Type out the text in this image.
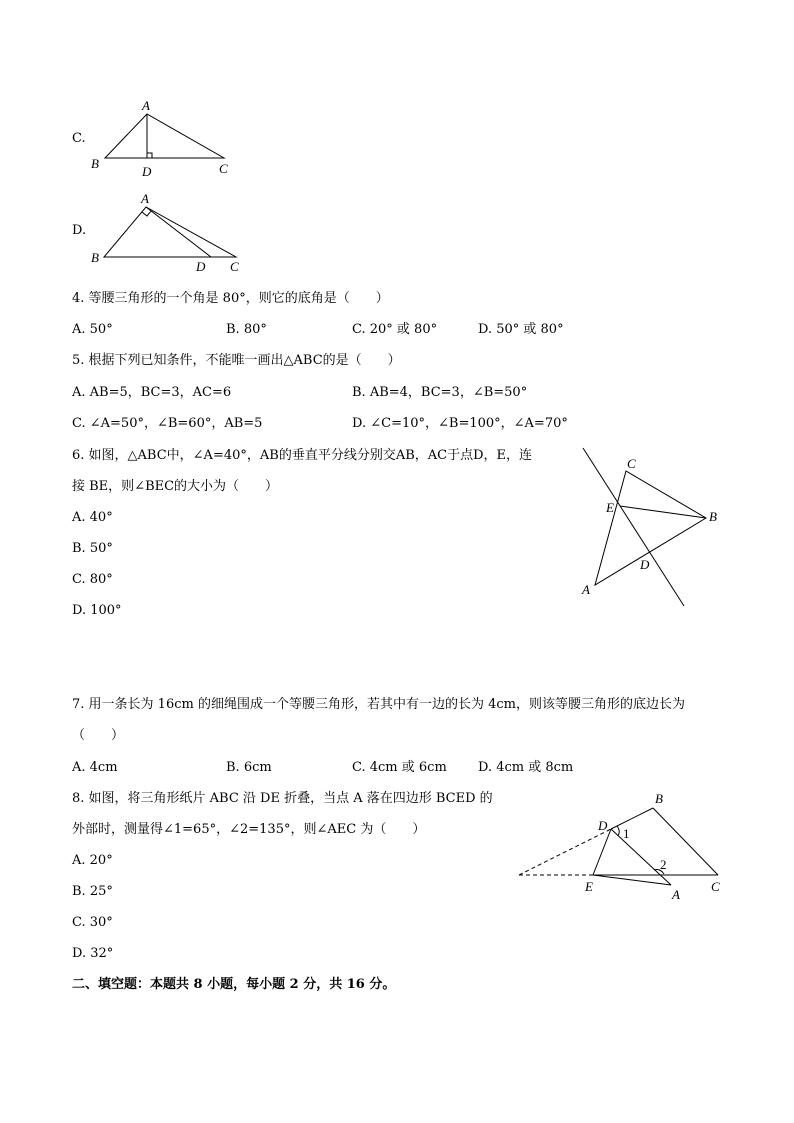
C.
A
B
D	C
D.
A
B
D C
4. 等腰三角形的一个角是 80°，则它的底角是（　　）
A. 50°	B. 80°	C. 20° 或 80°	D. 50° 或 80°
5. 根据下列已知条件，不能唯一画出△ABC的是（　　）
A. AB=5，BC=3，AC=6	B. AB=4，BC=3，∠B=50°
C. ∠A=50°，∠B=60°，AB=5	D. ∠C=10°，∠B=100°，∠A=70°
6. 如图，△ABC中，∠A=40°，AB的垂直平分线分别交AB，AC于点D，E，连
接 BE，则∠BEC的大小为（　　）
A. 40°
B. 50°
C. 80°
D. 100°
C
E
B
D
A
7. 用一条长为 16cm 的细绳围成一个等腰三角形，若其中有一边的长为 4cm，则该等腰三角形的底边长为
（　　）
A. 4cm	B. 6cm	C. 4cm 或 6cm D. 4cm 或 8cm
8. 如图，将三角形纸片 ABC 沿 DE 折叠，当点 A 落在四边形 BCED 的
外部时，测量得∠1=65°，∠2=135°，则∠AEC 为（　　）
A. 20°
B. 25°
C. 30°
D. 32°
D
B
1
2
E
A
C
二、填空题：本题共 8 小题，每小题 2 分，共 16 分。
